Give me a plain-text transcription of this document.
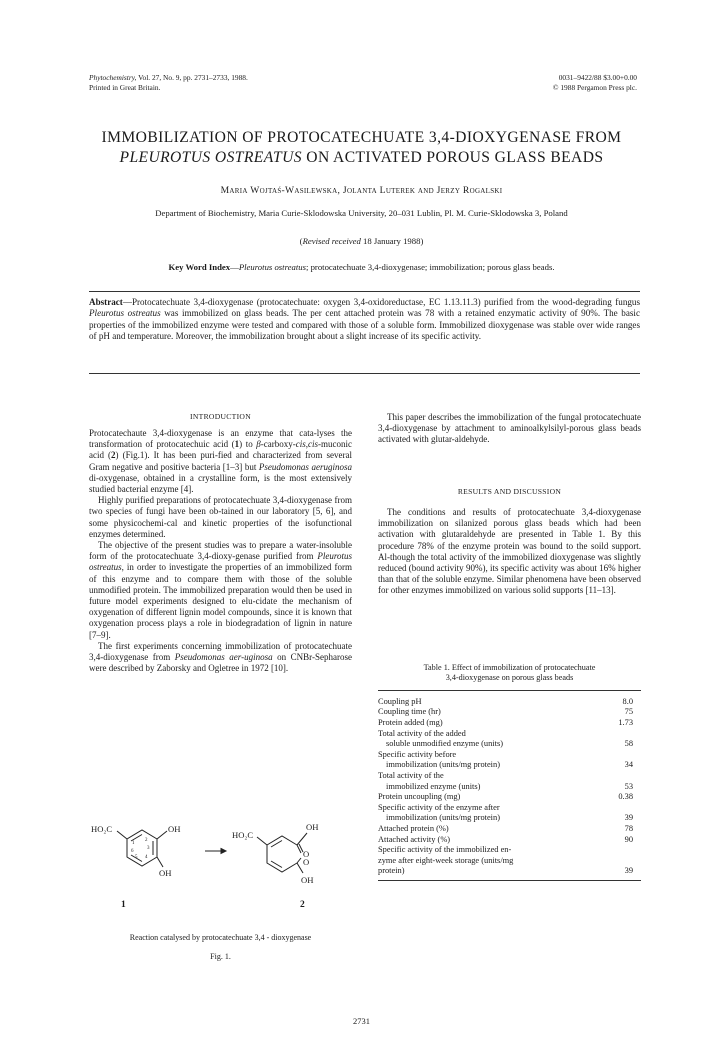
Phytochemistry, Vol. 27, No. 9, pp. 2731–2733, 1988.
Printed in Great Britain.
0031–9422/88 $3.00+0.00
© 1988 Pergamon Press plc.
IMMOBILIZATION OF PROTOCATECHUATE 3,4-DIOXYGENASE FROM
PLEUROTUS OSTREATUS ON ACTIVATED POROUS GLASS BEADS
Maria Wojtaś-Wasilewska, Jolanta Luterek and Jerzy Rogalski
Department of Biochemistry, Maria Curie-Sklodowska University, 20–031 Lublin, Pl. M. Curie-Sklodowska 3, Poland
(Revised received 18 January 1988)
Key Word Index—Pleurotus ostreatus; protocatechuate 3,4-dioxygenase; immobilization; porous glass beads.
Abstract—Protocatechuate 3,4-dioxygenase (protocatechuate: oxygen 3,4-oxidoreductase, EC 1.13.11.3) purified from the wood-degrading fungus Pleurotus ostreatus was immobilized on glass beads. The per cent attached protein was 78 with a retained enzymatic activity of 90%. The basic properties of the immobilized enzyme were tested and compared with those of a soluble form. Immobilized dioxygenase was stable over wide ranges of pH and temperature. Moreover, the immobilization brought about a slight increase of its specific activity.
INTRODUCTION

Protocatechaute 3,4-dioxygenase is an enzyme that cata-lyses the transformation of protocatechuic acid (1) to β-carboxy-cis,cis-muconic acid (2) (Fig.1). It has been puri-fied and characterized from several Gram negative and positive bacteria [1–3] but Pseudomonas aeruginosa di-oxygenase, obtained in a crystalline form, is the most extensively studied bacterial enzyme [4].

Highly purified preparations of protocatechuate 3,4-dioxygenase from two species of fungi have been ob-tained in our laboratory [5, 6], and some physicochemi-cal and kinetic properties of the isofunctional enzymes determined.

The objective of the present studies was to prepare a water-insoluble form of the protocatechuate 3,4-dioxy-genase purified from Pleurotus ostreatus, in order to investigate the properties of an immobilized form of this enzyme and to compare them with those of the soluble unmodified protein. The immobilized preparation would then be used in future model experiments designed to elu-cidate the mechanism of oxygenation of different lignin model compounds, since it is known that oxygenation process plays a role in biodegradation of lignin in nature [7–9].

The first experiments concerning immobilization of protocatechuate 3,4-dioxygenase from Pseudomonas aer-uginosa on CNBr-Sepharose were described by Zaborsky and Ogletree in 1972 [10].

HO₂C	OH
OH
1
2
3
4
5
6
HO₂C
OH
O
O
OH
1	2
Reaction catalysed by protocatechuate 3,4 - dioxygenase
Fig. 1.

This paper describes the immobilization of the fungal protocatechuate 3,4-dioxygenase by attachment to aminoalkylsilyl-porous glass beads activated with glutar-aldehyde.

RESULTS AND DISCUSSION

The conditions and results of protocatechuate 3,4-dioxygenase immobilization on silanized porous glass beads which had been activation with glutaraldehyde are presented in Table 1. By this procedure 78% of the enzyme protein was bound to the soild support. Al-though the total activity of the immobilized dioxygenase was slightly reduced (bound activity 90%), its specific activity was about 16% higher than that of the soluble enzyme. Similar phenomena have been observed for other enzymes immobilized on various solid supports [11–13].

Table 1. Effect of immobilization of protocatechuate
3,4-dioxygenase on porous glass beads
Coupling pH	8.0
Coupling time (hr)	75
Protein added (mg)	1.73
Total activity of the added
soluble unmodified enzyme (units)	58
Specific activity before
immobilization (units/mg protein)	34
Total activity of the
immobilized enzyme (units)	53
Protein uncoupling (mg)	0.38
Specific activity of the enzyme after
immobilization (units/mg protein)	39
Attached protein (%)	78
Attached activity (%)	90
Specific activity of the immobilized en-
zyme after eight-week storage (units/mg
protein)	39
2731
